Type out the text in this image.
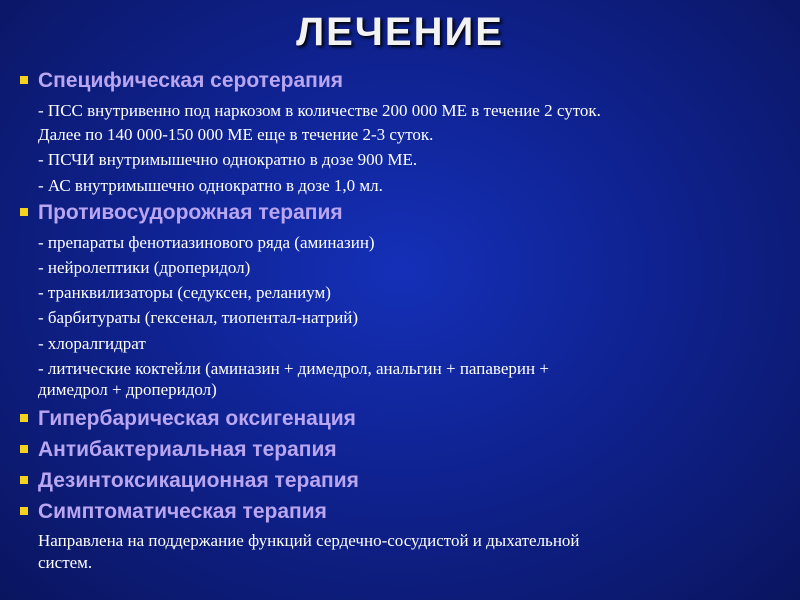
ЛЕЧЕНИЕ
Специфическая серотерапия
- ПСС внутривенно под наркозом в количестве 200 000 МЕ в течение 2 суток.
Далее по 140 000-150 000 МЕ еще в течение 2-3 суток.
- ПСЧИ внутримышечно однократно в дозе 900 МЕ.
- АС внутримышечно однократно в дозе 1,0 мл.
Противосудорожная терапия
- препараты фенотиазинового ряда (аминазин)
- нейролептики (дроперидол)
- транквилизаторы (седуксен, реланиум)
- барбитураты (гексенал, тиопентал-натрий)
- хлоралгидрат
- литические коктейли (аминазин + димедрол, анальгин + папаверин +
димедрол + дроперидол)
Гипербарическая оксигенация
Антибактериальная терапия
Дезинтоксикационная терапия
Симптоматическая терапия
Направлена на поддержание функций сердечно-сосудистой и дыхательной
систем.
